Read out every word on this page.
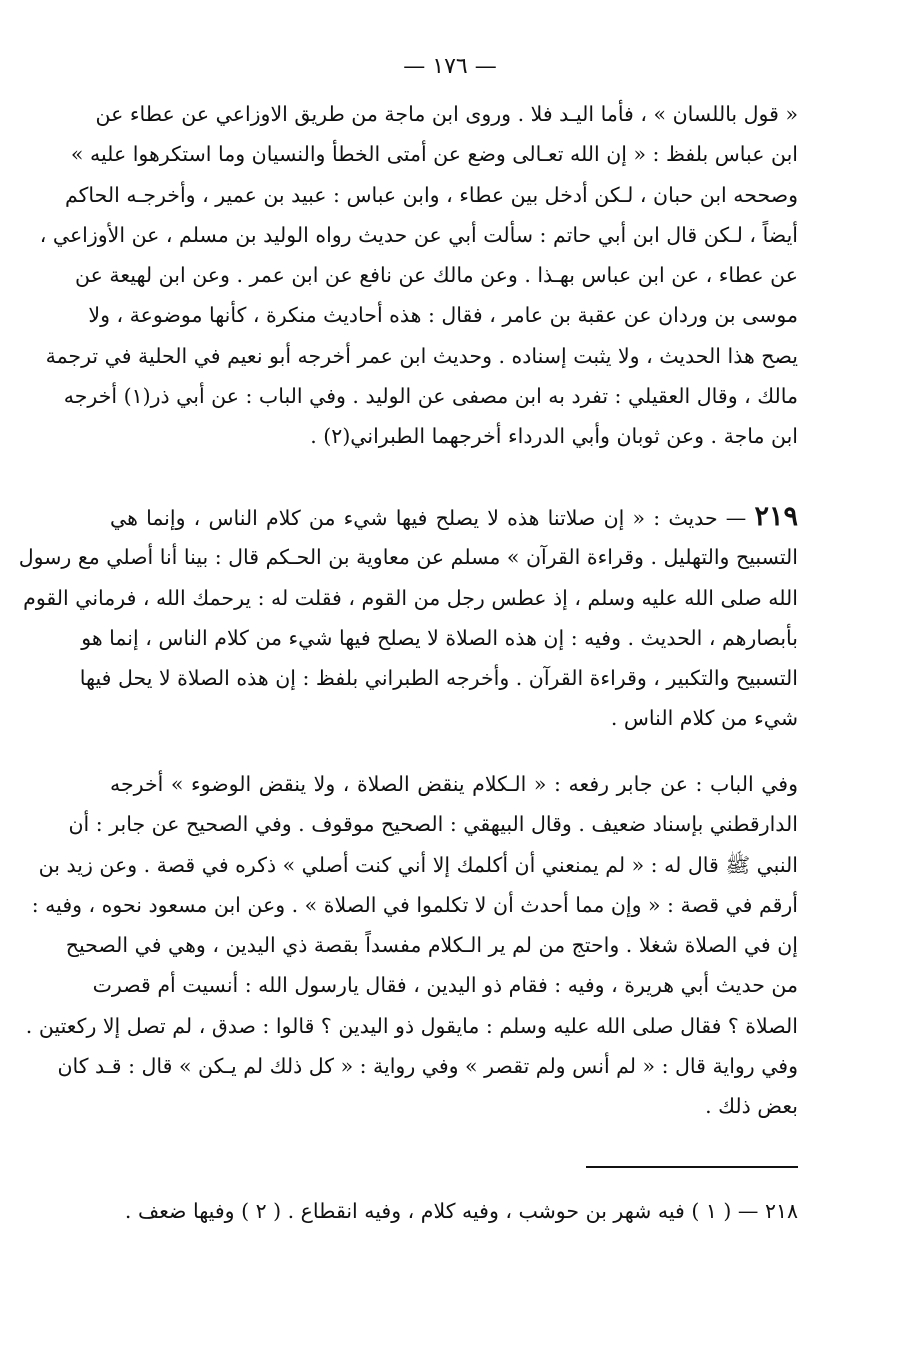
— ١٧٦ —
« قول باللسان » ، فأما اليـد فلا . وروى ابن ماجة من طريق الاوزاعي عن عطاء عن
ابن عباس بلفظ : « إن الله تعـالى وضع عن أمتى الخطأ والنسيان وما استكرهوا عليه »
وصححه ابن حبان ، لـكن أدخل بين عطاء ، وابن عباس : عبيد بن عمير ، وأخرجـه الحاكم
أيضاً ، لـكن قال ابن أبي حاتم : سألت أبي عن حديث رواه الوليد بن مسلم ، عن الأوزاعي ،
عن عطاء ، عن ابن عباس بهـذا . وعن مالك عن نافع عن ابن عمر . وعن ابن لهيعة عن
موسى بن وردان عن عقبة بن عامر ، فقال : هذه أحاديث منكرة ، كأنها موضوعة ، ولا
يصح هذا الحديث ، ولا يثبت إسناده . وحديث ابن عمر أخرجه أبو نعيم في الحلية في ترجمة
مالك ، وقال العقيلي : تفرد به ابن مصفى عن الوليد . وفي الباب : عن أبي ذر(١) أخرجه
ابن ماجة . وعن ثوبان وأبي الدرداء أخرجهما الطبراني(٢) .
٢١٩ — حديث : « إن صلاتنا هذه لا يصلح فيها شيء من كلام الناس ، وإنما هي
التسبيح والتهليل . وقراءة القرآن » مسلم عن معاوية بن الحـكم قال : بينا أنا أصلي مع رسول
الله صلى الله عليه وسلم ، إذ عطس رجل من القوم ، فقلت له : يرحمك الله ، فرماني القوم
بأبصارهم ، الحديث . وفيه : إن هذه الصلاة لا يصلح فيها شيء من كلام الناس ، إنما هو
التسبيح والتكبير ، وقراءة القرآن . وأخرجه الطبراني بلفظ : إن هذه الصلاة لا يحل فيها
شيء من كلام الناس .
وفي الباب : عن جابر رفعه : « الـكلام ينقض الصلاة ، ولا ينقض الوضوء » أخرجه
الدارقطني بإسناد ضعيف . وقال البيهقي : الصحيح موقوف . وفي الصحيح عن جابر : أن
النبي ﷺ قال له : « لم يمنعني أن أكلمك إلا أني كنت أصلي » ذكره في قصة . وعن زيد بن
أرقم في قصة : « وإن مما أحدث أن لا تكلموا في الصلاة » . وعن ابن مسعود نحوه ، وفيه :
إن في الصلاة شغلا . واحتج من لم ير الـكلام مفسداً بقصة ذي اليدين ، وهي في الصحيح
من حديث أبي هريرة ، وفيه : فقام ذو اليدين ، فقال يارسول الله : أنسيت أم قصرت
الصلاة ؟ فقال صلى الله عليه وسلم : مايقول ذو اليدين ؟ قالوا : صدق ، لم تصل إلا ركعتين .
وفي رواية قال : « لم أنس ولم تقصر » وفي رواية : « كل ذلك لم يـكن » قال : قـد كان
بعض ذلك .
٢١٨ — ( ١ ) فيه شهر بن حوشب ، وفيه كلام ، وفيه انقطاع . ( ٢ ) وفيها ضعف .
